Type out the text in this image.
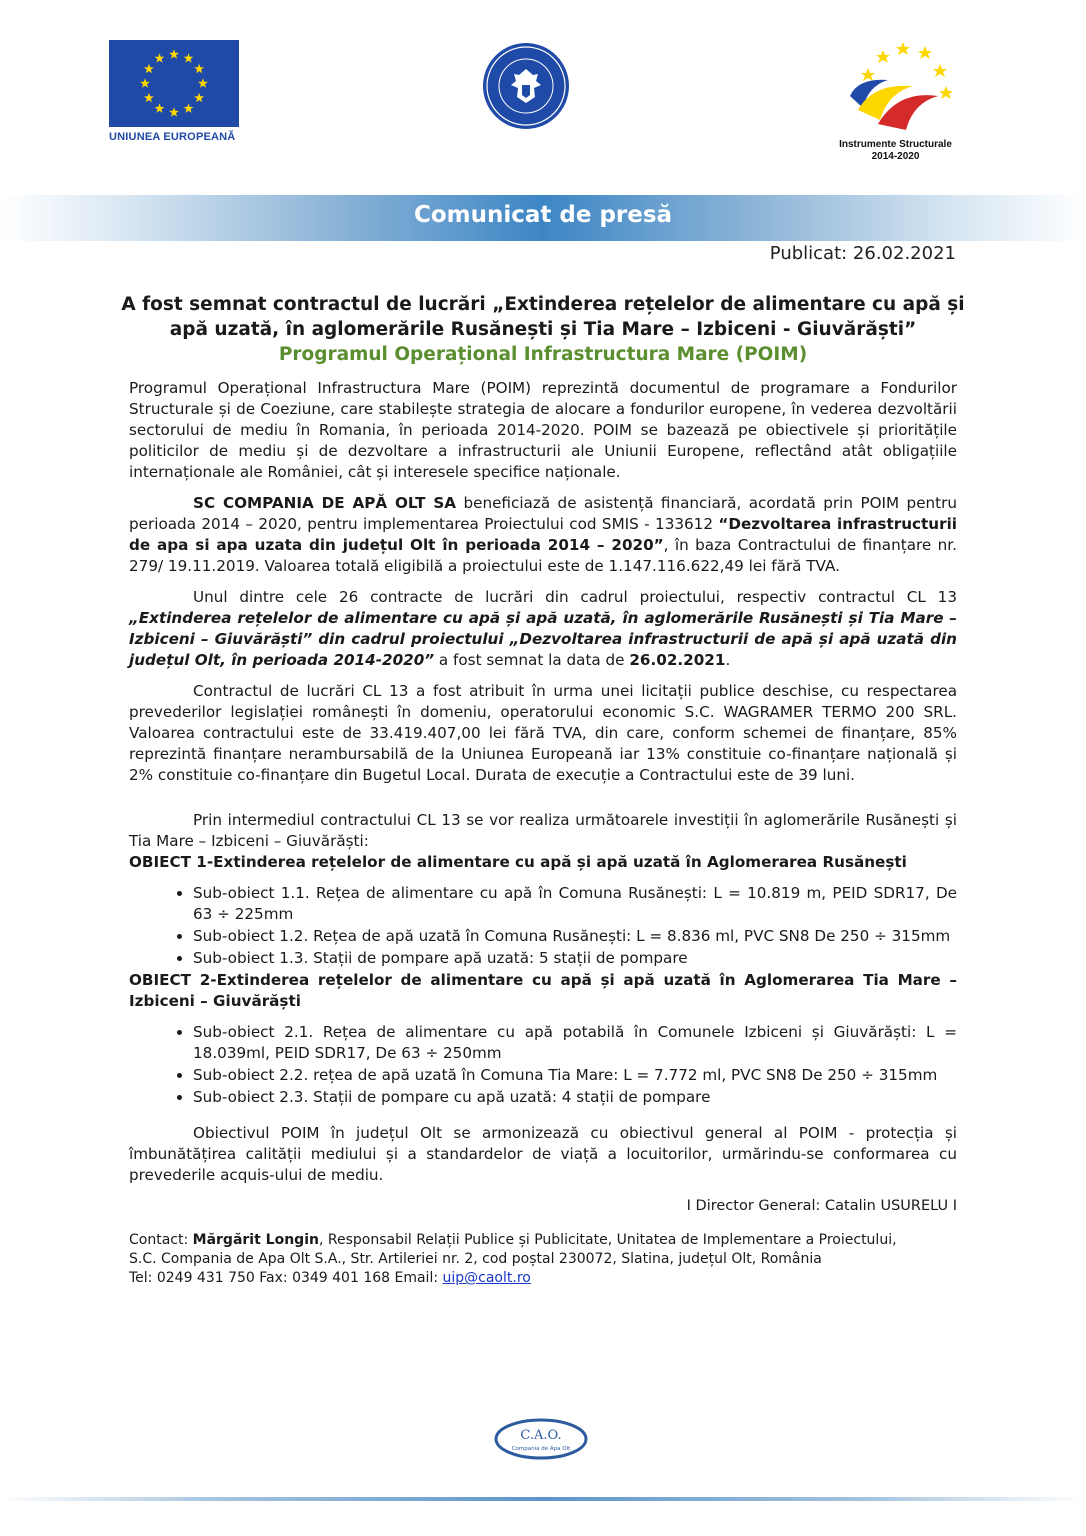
UNIUNEA EUROPEANĂ
Instrumente Structurale
2014-2020
Comunicat de presă
Publicat: 26.02.2021
A fost semnat contractul de lucrări „Extinderea rețelelor de alimentare cu apă și apă uzată, în aglomerările Rusănești și Tia Mare – Izbiceni - Giuvărăști”
Programul Operațional Infrastructura Mare (POIM)

Programul Operațional Infrastructura Mare (POIM) reprezintă documentul de programare a Fondurilor Structurale și de Coeziune, care stabilește strategia de alocare a fondurilor europene, în vederea dezvoltării sectorului de mediu în Romania, în perioada 2014-2020. POIM se bazează pe obiectivele și prioritățile politicilor de mediu și de dezvoltare a infrastructurii ale Uniunii Europene, reflectând atât obligațiile internaționale ale României, cât și interesele specifice naționale.

SC COMPANIA DE APĂ OLT SA beneficiază de asistență financiară, acordată prin POIM pentru perioada 2014 – 2020, pentru implementarea Proiectului cod SMIS - 133612 “Dezvoltarea infrastructurii de apa si apa uzata din județul Olt în perioada 2014 – 2020”, în baza Contractului de finanțare nr. 279/ 19.11.2019. Valoarea totală eligibilă a proiectului este de 1.147.116.622,49 lei fără TVA.

Unul dintre cele 26 contracte de lucrări din cadrul proiectului, respectiv contractul CL 13 „Extinderea rețelelor de alimentare cu apă și apă uzată, în aglomerările Rusănești și Tia Mare – Izbiceni – Giuvărăști” din cadrul proiectului „Dezvoltarea infrastructurii de apă și apă uzată din județul Olt, în perioada 2014-2020” a fost semnat la data de 26.02.2021.

Contractul de lucrări CL 13 a fost atribuit în urma unei licitații publice deschise, cu respectarea prevederilor legislației românești în domeniu, operatorului economic S.C. WAGRAMER TERMO 200 SRL. Valoarea contractului este de 33.419.407,00 lei fără TVA, din care, conform schemei de finanțare, 85% reprezintă finanțare nerambursabilă de la Uniunea Europeană iar 13% constituie co-finanțare națională și 2% constituie co-finanțare din Bugetul Local. Durata de execuție a Contractului este de 39 luni.

Prin intermediul contractului CL 13 se vor realiza următoarele investiții în aglomerările Rusănești și Tia Mare – Izbiceni – Giuvărăști:

OBIECT 1-Extinderea rețelelor de alimentare cu apă și apă uzată în Aglomerarea Rusănești

• Sub-obiect 1.1. Rețea de alimentare cu apă în Comuna Rusănești: L = 10.819 m, PEID SDR17, De 63 ÷ 225mm
• Sub-obiect 1.2. Rețea de apă uzată în Comuna Rusănești: L = 8.836 ml, PVC SN8 De 250 ÷ 315mm
• Sub-obiect 1.3. Stații de pompare apă uzată: 5 stații de pompare

OBIECT 2-Extinderea rețelelor de alimentare cu apă și apă uzată în Aglomerarea Tia Mare – Izbiceni – Giuvărăști

• Sub-obiect 2.1. Rețea de alimentare cu apă potabilă în Comunele Izbiceni și Giuvărăști: L = 18.039ml, PEID SDR17, De 63 ÷ 250mm
• Sub-obiect 2.2. rețea de apă uzată în Comuna Tia Mare: L = 7.772 ml, PVC SN8 De 250 ÷ 315mm
• Sub-obiect 2.3. Stații de pompare cu apă uzată: 4 stații de pompare

Obiectivul POIM în județul Olt se armonizează cu obiectivul general al POIM - protecția și îmbunătățirea calității mediului și a standardelor de viață a locuitorilor, urmărindu-se conformarea cu prevederile acquis-ului de mediu.

I Director General: Catalin USURELU I
Contact: Mărgărit Longin, Responsabil Relații Publice și Publicitate, Unitatea de Implementare a Proiectului,
S.C. Compania de Apa Olt S.A., Str. Artileriei nr. 2, cod poștal 230072, Slatina, județul Olt, România
Tel: 0249 431 750 Fax: 0349 401 168 Email: uip@caolt.ro
C.A.O.
Compania de Apa Olt
